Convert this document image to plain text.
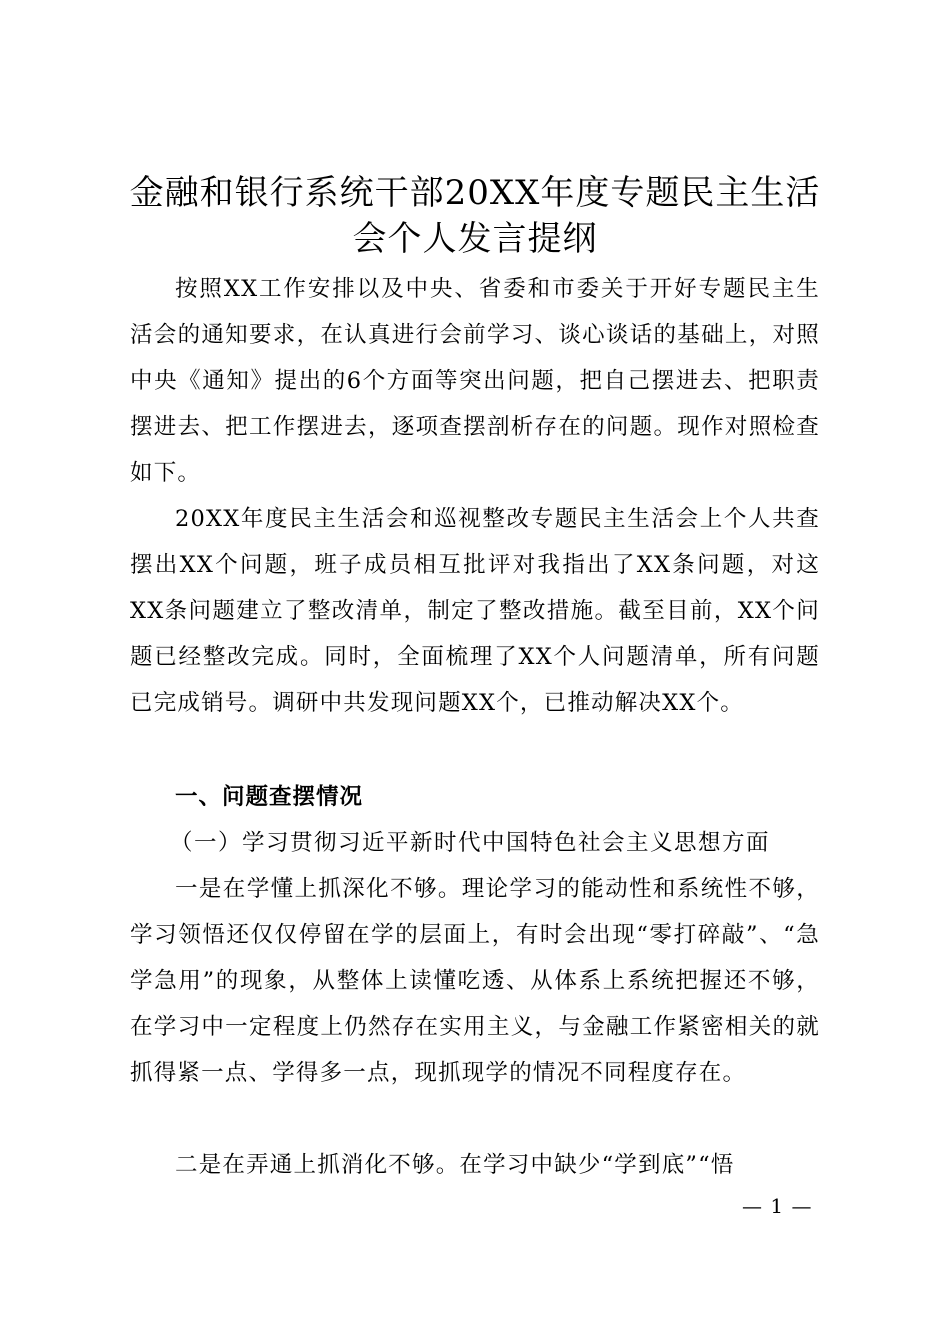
金融和银行系统干部20XX年度专题民主生活
会个人发言提纲

按照XX工作安排以及中央、省委和市委关于开好专题民主生活会的通知要求，在认真进行会前学习、谈心谈话的基础上，对照中央《通知》提出的6个方面等突出问题，把自己摆进去、把职责摆进去、把工作摆进去，逐项查摆剖析存在的问题。现作对照检查如下。

20XX年度民主生活会和巡视整改专题民主生活会上个人共查摆出XX个问题，班子成员相互批评对我指出了XX条问题，对这XX条问题建立了整改清单，制定了整改措施。截至目前，XX个问题已经整改完成。同时，全面梳理了XX个人问题清单，所有问题已完成销号。调研中共发现问题XX个，已推动解决XX个。

一、问题查摆情况
（一）学习贯彻习近平新时代中国特色社会主义思想方面

一是在学懂上抓深化不够。理论学习的能动性和系统性不够，学习领悟还仅仅停留在学的层面上，有时会出现“零打碎敲”、“急学急用”的现象，从整体上读懂吃透、从体系上系统把握还不够，在学习中一定程度上仍然存在实用主义，与金融工作紧密相关的就抓得紧一点、学得多一点，现抓现学的情况不同程度存在。

二是在弄通上抓消化不够。在学习中缺少“学到底”“悟

— 1 —
